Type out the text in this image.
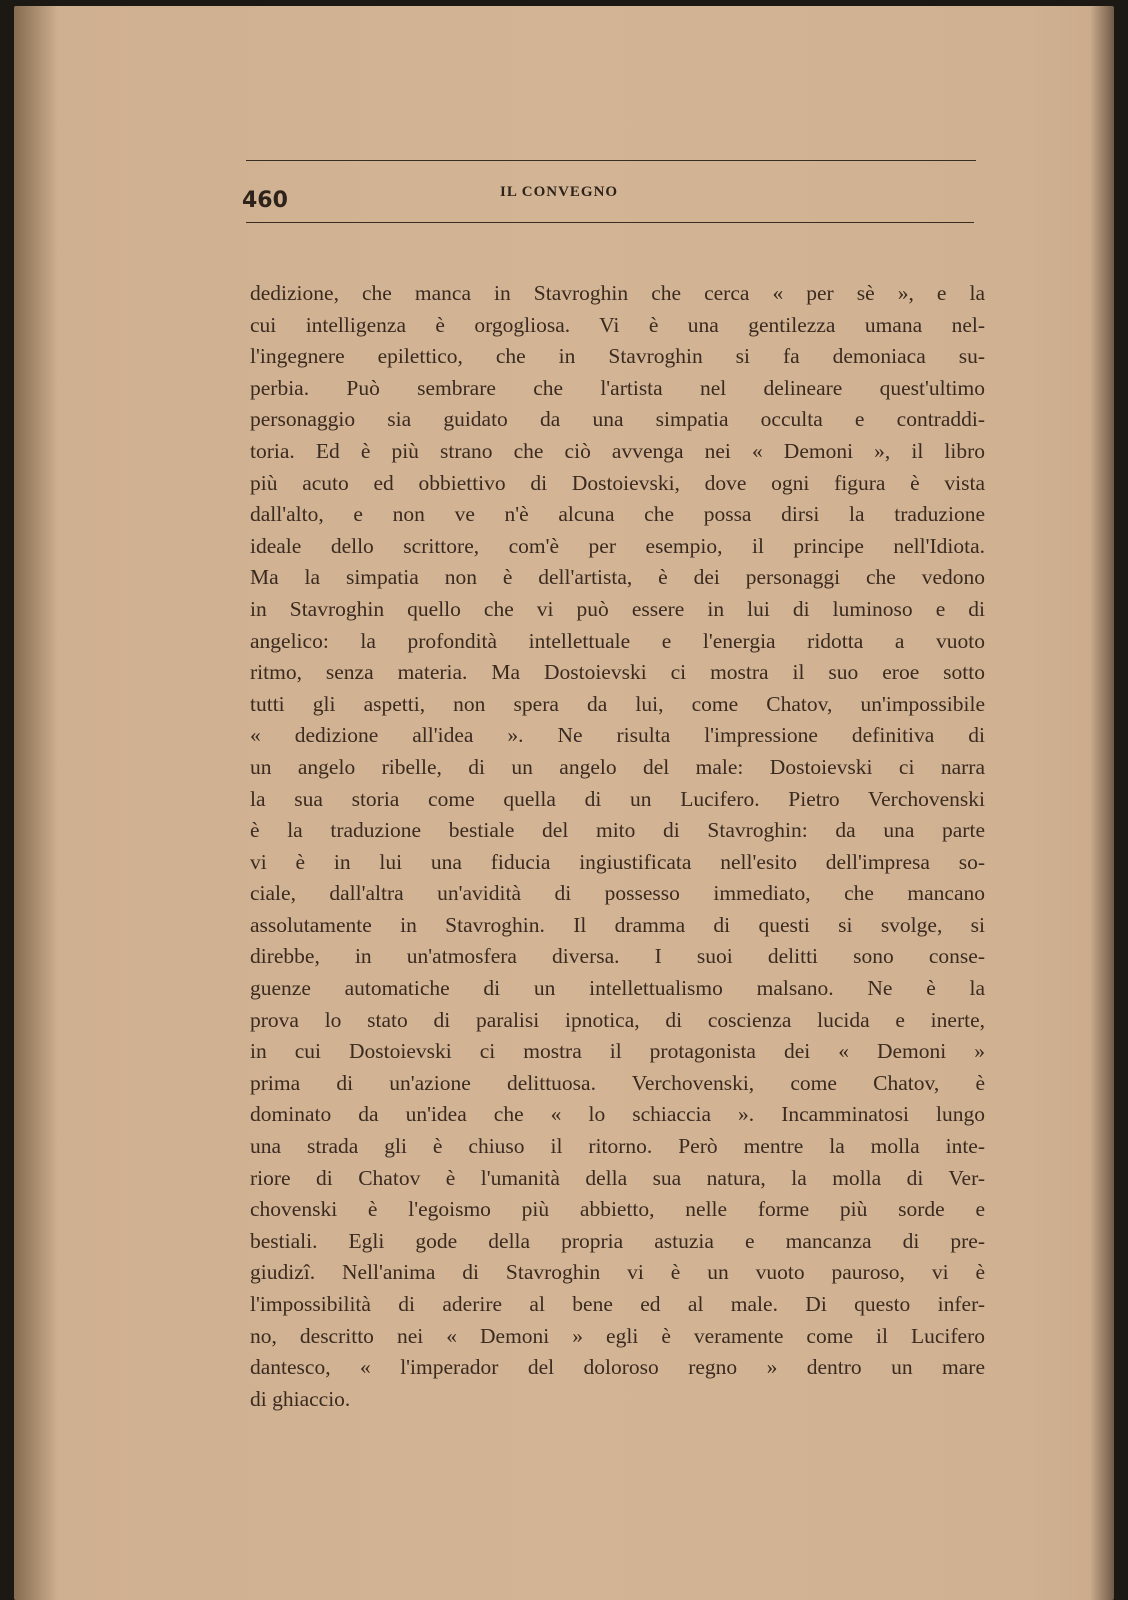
460	IL CONVEGNO
dedizione, che manca in Stavroghin che cerca « per sè », e la
cui intelligenza è orgogliosa. Vi è una gentilezza umana nel-
l'ingegnere epilettico, che in Stavroghin si fa demoniaca su-
perbia. Può sembrare che l'artista nel delineare quest'ultimo
personaggio sia guidato da una simpatia occulta e contraddi-
toria. Ed è più strano che ciò avvenga nei « Demoni », il libro
più acuto ed obbiettivo di Dostoievski, dove ogni figura è vista
dall'alto, e non ve n'è alcuna che possa dirsi la traduzione
ideale dello scrittore, com'è per esempio, il principe nell'Idiota.
Ma la simpatia non è dell'artista, è dei personaggi che vedono
in Stavroghin quello che vi può essere in lui di luminoso e di
angelico: la profondità intellettuale e l'energia ridotta a vuoto
ritmo, senza materia. Ma Dostoievski ci mostra il suo eroe sotto
tutti gli aspetti, non spera da lui, come Chatov, un'impossibile
« dedizione all'idea ». Ne risulta l'impressione definitiva di
un angelo ribelle, di un angelo del male: Dostoievski ci narra
la sua storia come quella di un Lucifero. Pietro Verchovenski
è la traduzione bestiale del mito di Stavroghin: da una parte
vi è in lui una fiducia ingiustificata nell'esito dell'impresa so-
ciale, dall'altra un'avidità di possesso immediato, che mancano
assolutamente in Stavroghin. Il dramma di questi si svolge, si
direbbe, in un'atmosfera diversa. I suoi delitti sono conse-
guenze automatiche di un intellettualismo malsano. Ne è la
prova lo stato di paralisi ipnotica, di coscienza lucida e inerte,
in cui Dostoievski ci mostra il protagonista dei « Demoni »
prima di un'azione delittuosa. Verchovenski, come Chatov, è
dominato da un'idea che « lo schiaccia ». Incamminatosi lungo
una strada gli è chiuso il ritorno. Però mentre la molla inte-
riore di Chatov è l'umanità della sua natura, la molla di Ver-
chovenski è l'egoismo più abbietto, nelle forme più sorde e
bestiali. Egli gode della propria astuzia e mancanza di pre-
giudizî. Nell'anima di Stavroghin vi è un vuoto pauroso, vi è
l'impossibilità di aderire al bene ed al male. Di questo infer-
no, descritto nei « Demoni » egli è veramente come il Lucifero
dantesco, « l'imperador del doloroso regno » dentro un mare
di ghiaccio.
